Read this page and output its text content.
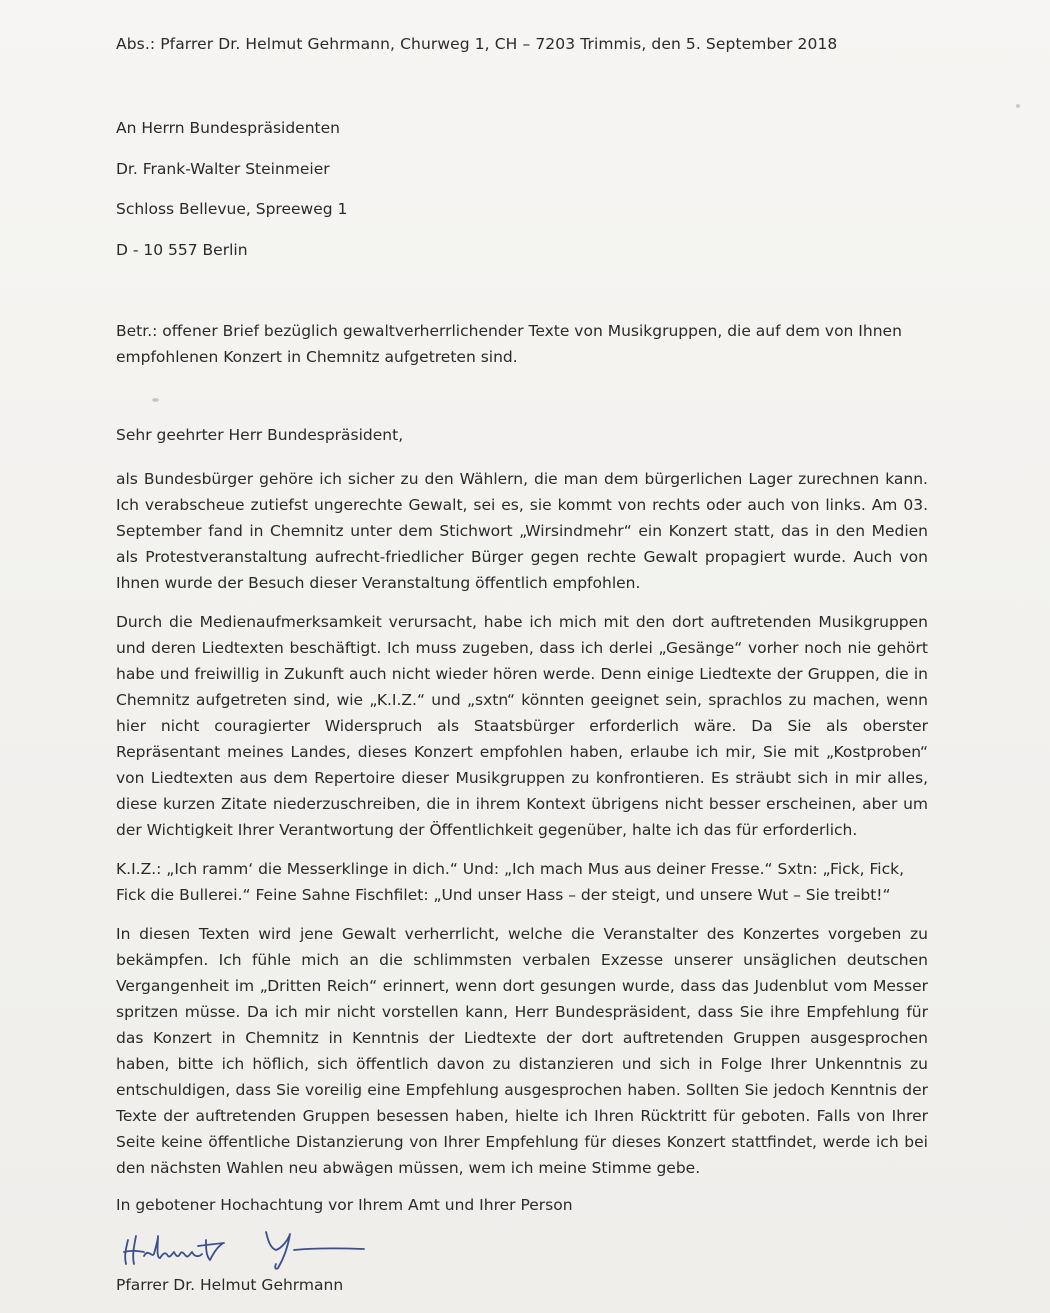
Abs.: Pfarrer Dr. Helmut Gehrmann, Churweg 1, CH – 7203 Trimmis, den 5. September 2018
An Herrn Bundespräsidenten
Dr. Frank-Walter Steinmeier
Schloss Bellevue, Spreeweg 1
D - 10 557 Berlin
Betr.: offener Brief bezüglich gewaltverherrlichender Texte von Musikgruppen, die auf dem von Ihnen empfohlenen Konzert in Chemnitz aufgetreten sind.
Sehr geehrter Herr Bundespräsident,

als Bundesbürger gehöre ich sicher zu den Wählern, die man dem bürgerlichen Lager zurechnen kann. Ich verabscheue zutiefst ungerechte Gewalt, sei es, sie kommt von rechts oder auch von links. Am 03. September fand in Chemnitz unter dem Stichwort „Wirsindmehr“ ein Konzert statt, das in den Medien als Protestveranstaltung aufrecht-friedlicher Bürger gegen rechte Gewalt propagiert wurde. Auch von Ihnen wurde der Besuch dieser Veranstaltung öffentlich empfohlen.

Durch die Medienaufmerksamkeit verursacht, habe ich mich mit den dort auftretenden Musikgruppen und deren Liedtexten beschäftigt. Ich muss zugeben, dass ich derlei „Gesänge“ vorher noch nie gehört habe und freiwillig in Zukunft auch nicht wieder hören werde. Denn einige Liedtexte der Gruppen, die in Chemnitz aufgetreten sind, wie „K.I.Z.“ und „sxtn“ könnten geeignet sein, sprachlos zu machen, wenn hier nicht couragierter Widerspruch als Staatsbürger erforderlich wäre. Da Sie als oberster Repräsentant meines Landes, dieses Konzert empfohlen haben, erlaube ich mir, Sie mit „Kostproben“ von Liedtexten aus dem Repertoire dieser Musikgruppen zu konfrontieren. Es sträubt sich in mir alles, diese kurzen Zitate niederzuschreiben, die in ihrem Kontext übrigens nicht besser erscheinen, aber um der Wichtigkeit Ihrer Verantwortung der Öffentlichkeit gegenüber, halte ich das für erforderlich.

K.I.Z.: „Ich ramm‘ die Messerklinge in dich.“ Und: „Ich mach Mus aus deiner Fresse.“ Sxtn: „Fick, Fick, Fick die Bullerei.“ Feine Sahne Fischfilet: „Und unser Hass – der steigt, und unsere Wut – Sie treibt!“

In diesen Texten wird jene Gewalt verherrlicht, welche die Veranstalter des Konzertes vorgeben zu bekämpfen. Ich fühle mich an die schlimmsten verbalen Exzesse unserer unsäglichen deutschen Vergangenheit im „Dritten Reich“ erinnert, wenn dort gesungen wurde, dass das Judenblut vom Messer spritzen müsse. Da ich mir nicht vorstellen kann, Herr Bundespräsident, dass Sie ihre Empfehlung für das Konzert in Chemnitz in Kenntnis der Liedtexte der dort auftretenden Gruppen ausgesprochen haben, bitte ich höflich, sich öffentlich davon zu distanzieren und sich in Folge Ihrer Unkenntnis zu entschuldigen, dass Sie voreilig eine Empfehlung ausgesprochen haben. Sollten Sie jedoch Kenntnis der Texte der auftretenden Gruppen besessen haben, hielte ich Ihren Rücktritt für geboten. Falls von Ihrer Seite keine öffentliche Distanzierung von Ihrer Empfehlung für dieses Konzert stattfindet, werde ich bei den nächsten Wahlen neu abwägen müssen, wem ich meine Stimme gebe.

In gebotener Hochachtung vor Ihrem Amt und Ihrer Person
Pfarrer Dr. Helmut Gehrmann
